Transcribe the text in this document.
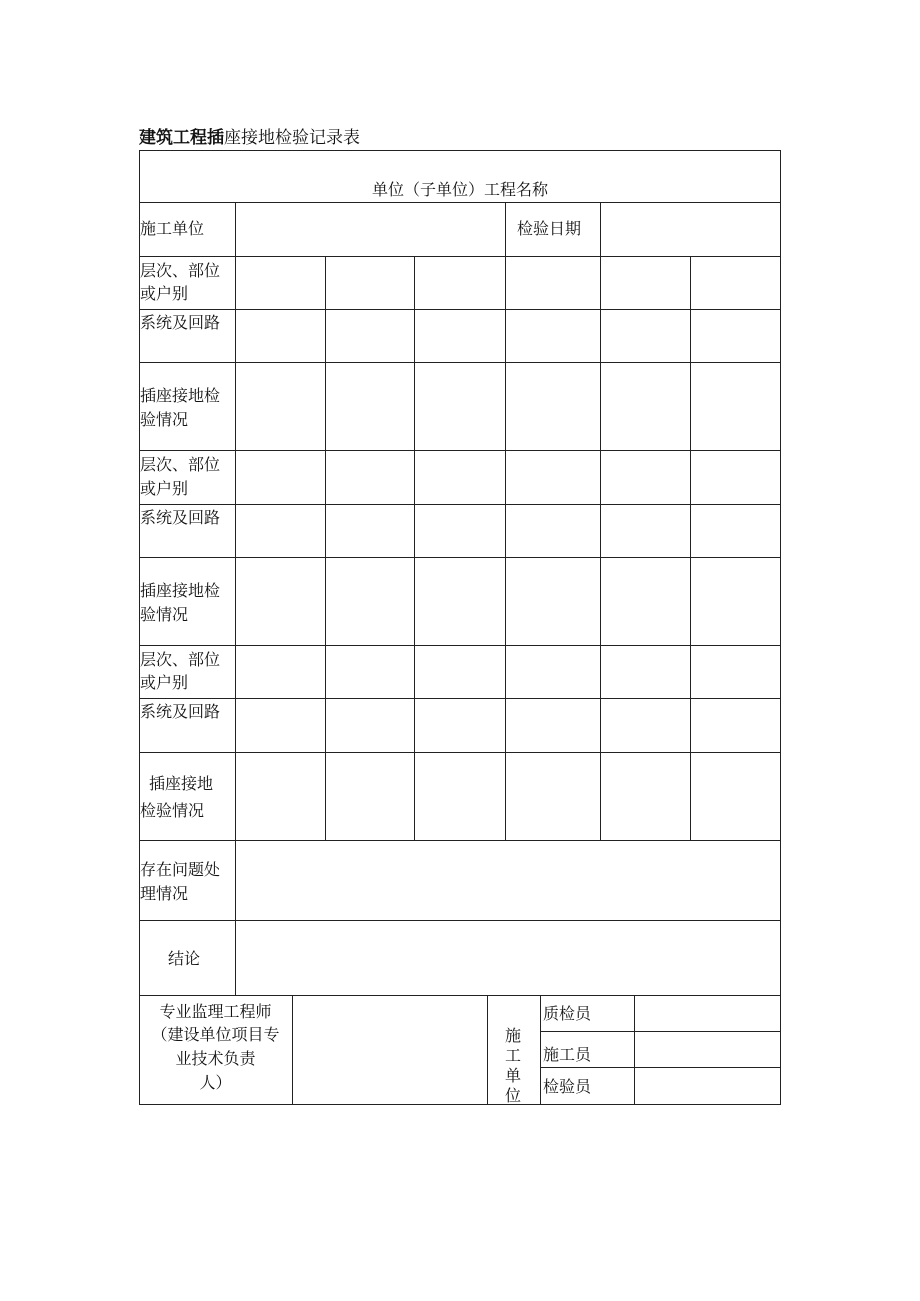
建筑工程插座接地检验记录表
单位（子单位）工程名称
施工单位	检验日期
层次、部位
或户别
系统及回路
插座接地检
验情况
层次、部位
或户别
系统及回路
插座接地检
验情况
层次、部位
或户别
系统及回路
插座接地
检验情况
存在问题处
理情况
结论
专业监理工程师
（建设单位项目专
业技术负责
人）
施工单位
质检员
施工员
检验员
